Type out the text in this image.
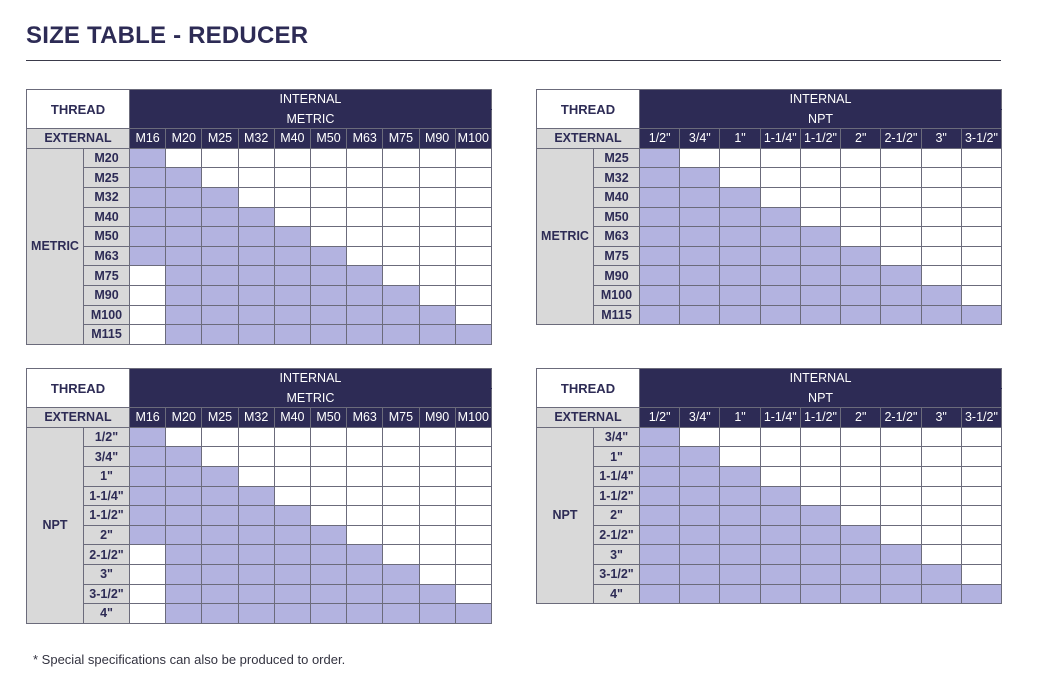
SIZE TABLE - REDUCER
THREAD		INTERNAL									
		METRIC									
EXTERNAL		M16	M20	M25	M32	M40	M50	M63	M75	M90	M100
METRIC	M20										
	M25										
	M32										
	M40										
	M50										
	M63										
	M75										
	M90										
	M100										
	M115										
THREAD		INTERNAL								
		NPT								
EXTERNAL		1/2"	3/4"	1"	1-1/4"	1-1/2"	2"	2-1/2"	3"	3-1/2"
METRIC	M25									
	M32									
	M40									
	M50									
	M63									
	M75									
	M90									
	M100									
	M115									
THREAD		INTERNAL									
		METRIC									
EXTERNAL		M16	M20	M25	M32	M40	M50	M63	M75	M90	M100
NPT	1/2"										
	3/4"										
	1"										
	1-1/4"										
	1-1/2"										
	2"										
	2-1/2"										
	3"										
	3-1/2"										
	4"										
THREAD		INTERNAL								
		NPT								
EXTERNAL		1/2"	3/4"	1"	1-1/4"	1-1/2"	2"	2-1/2"	3"	3-1/2"
NPT	3/4"									
	1"									
	1-1/4"									
	1-1/2"									
	2"									
	2-1/2"									
	3"									
	3-1/2"									
	4"									
* Special specifications can also be produced to order.
